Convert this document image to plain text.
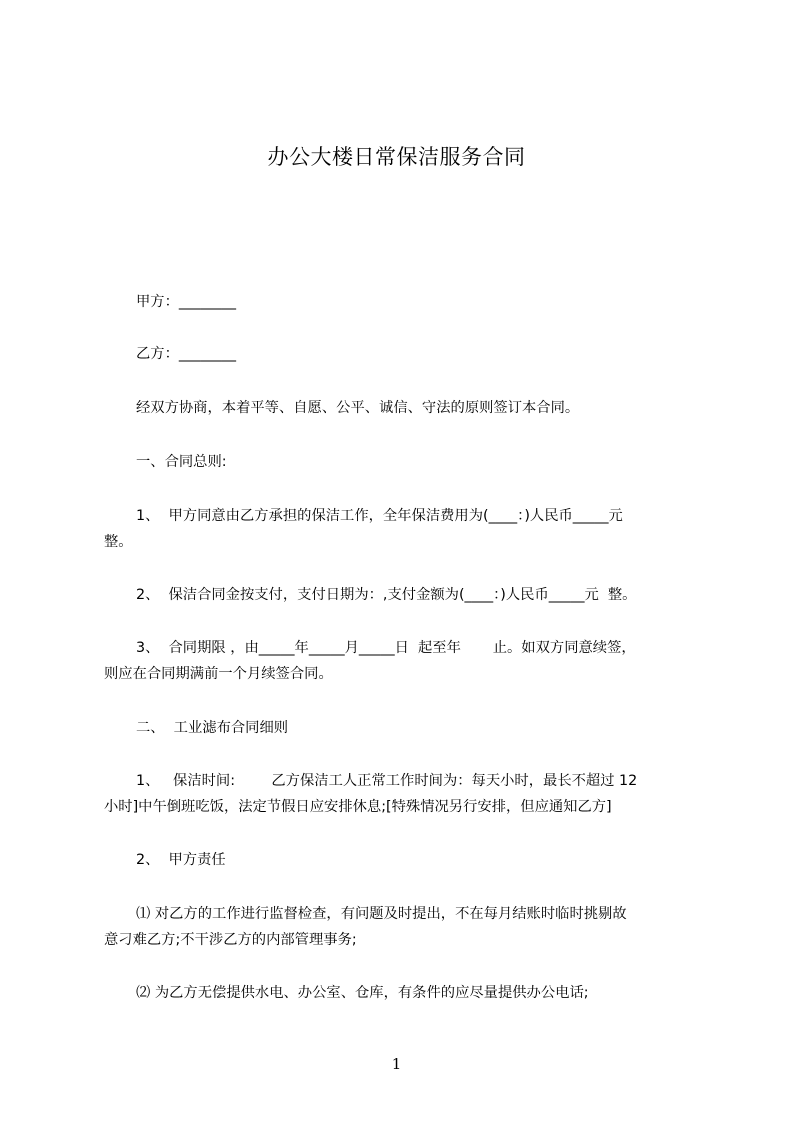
办公大楼日常保洁服务合同
甲方：________
乙方：________
经双方协商，本着平等、自愿、公平、诚信、守法的原则签订本合同。
一、合同总则:
1、  甲方同意由乙方承担的保洁工作，全年保洁费用为(____：)人民币_____元
整。
2、  保洁合同金按支付，支付日期为：,支付金额为(____：)人民币_____元  整。
3、  合同期限 ，由_____年_____月_____日  起至年       止。如双方同意续签，
则应在合同期满前一个月续签合同。
二、  工业滤布合同细则
1、   保洁时间:        乙方保洁工人正常工作时间为：每天小时，最长不超过 12
小时]中午倒班吃饭，法定节假日应安排休息;[特殊情况另行安排，但应通知乙方]
2、  甲方责任
⑴ 对乙方的工作进行监督检查，有问题及时提出，不在每月结账时临时挑剔故
意刁难乙方;不干涉乙方的内部管理事务;
⑵ 为乙方无偿提供水电、办公室、仓库，有条件的应尽量提供办公电话;
1
